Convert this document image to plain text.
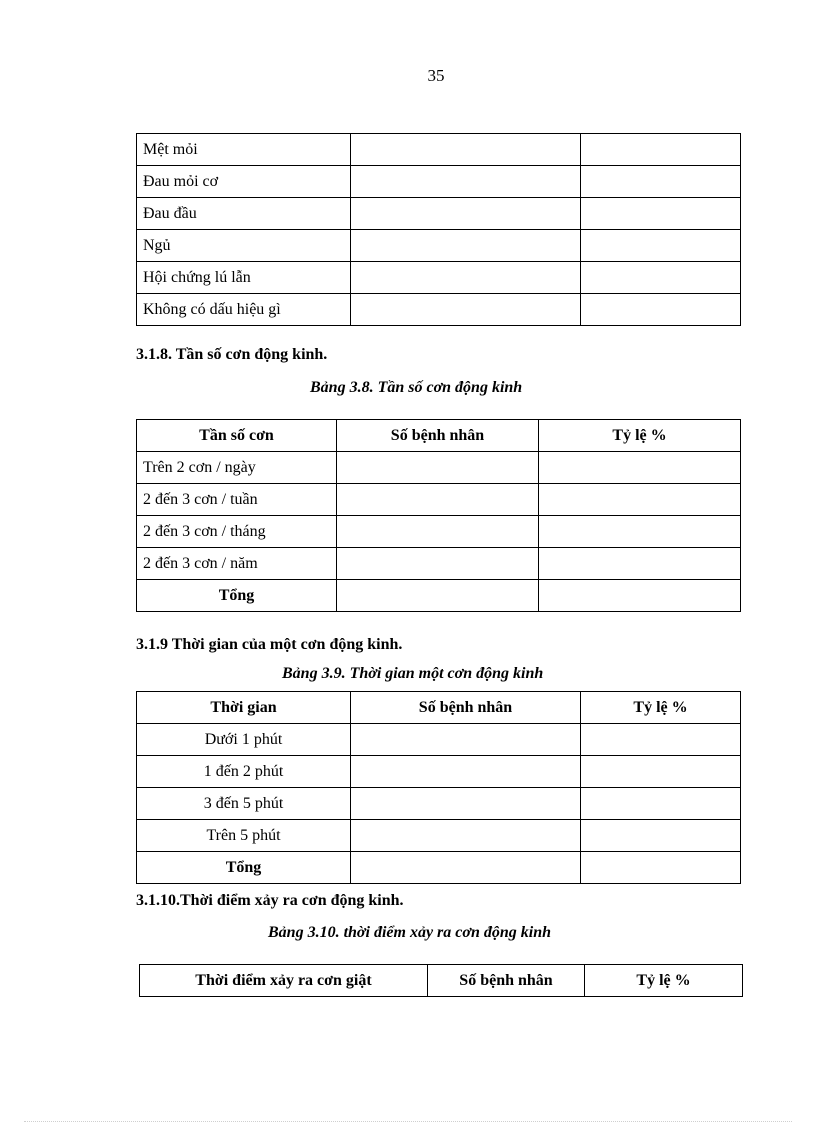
35
Mệt mỏi		
Đau mỏi cơ		
Đau đầu		
Ngủ		
Hội chứng lú lẫn		
Không có dấu hiệu gì		
3.1.8. Tần số cơn động kinh.
Bảng 3.8. Tần số cơn động kinh
Tần số cơn	Số bệnh nhân	Tỷ lệ %
Trên 2 cơn / ngày		
2 đến 3 cơn / tuần		
2 đến 3 cơn / tháng		
2 đến 3 cơn / năm		
Tổng		
3.1.9 Thời gian của một cơn động kinh.
Bảng 3.9. Thời gian một cơn động kinh
Thời gian	Số bệnh nhân	Tỷ lệ %
Dưới 1 phút		
1 đến 2 phút		
3 đến 5 phút		
Trên 5 phút		
Tổng		
3.1.10.Thời điểm xảy ra cơn động kinh.
Bảng 3.10. thời điểm xảy ra cơn động kinh
Thời điểm xảy ra cơn giật	Số bệnh nhân	Tỷ lệ %
